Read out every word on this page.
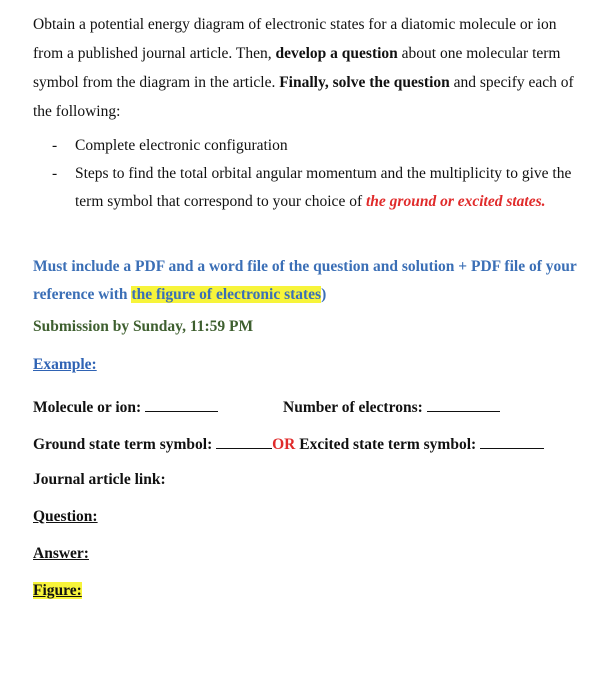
Obtain a potential energy diagram of electronic states for a diatomic molecule or ion from a published journal article. Then, develop a question about one molecular term symbol from the diagram in the article. Finally, solve the question and specify each of the following:
-	Complete electronic configuration
-	Steps to find the total orbital angular momentum and the multiplicity to give the term symbol that correspond to your choice of the ground or excited states.
Must include a PDF and a word file of the question and solution + PDF file of your reference with the figure of electronic states)
Submission by Sunday, 11:59 PM
Example:
Molecule or ion:	Number of electrons:
Ground state term symbol:	OR Excited state term symbol:
Journal article link:
Question:
Answer:
Figure:
